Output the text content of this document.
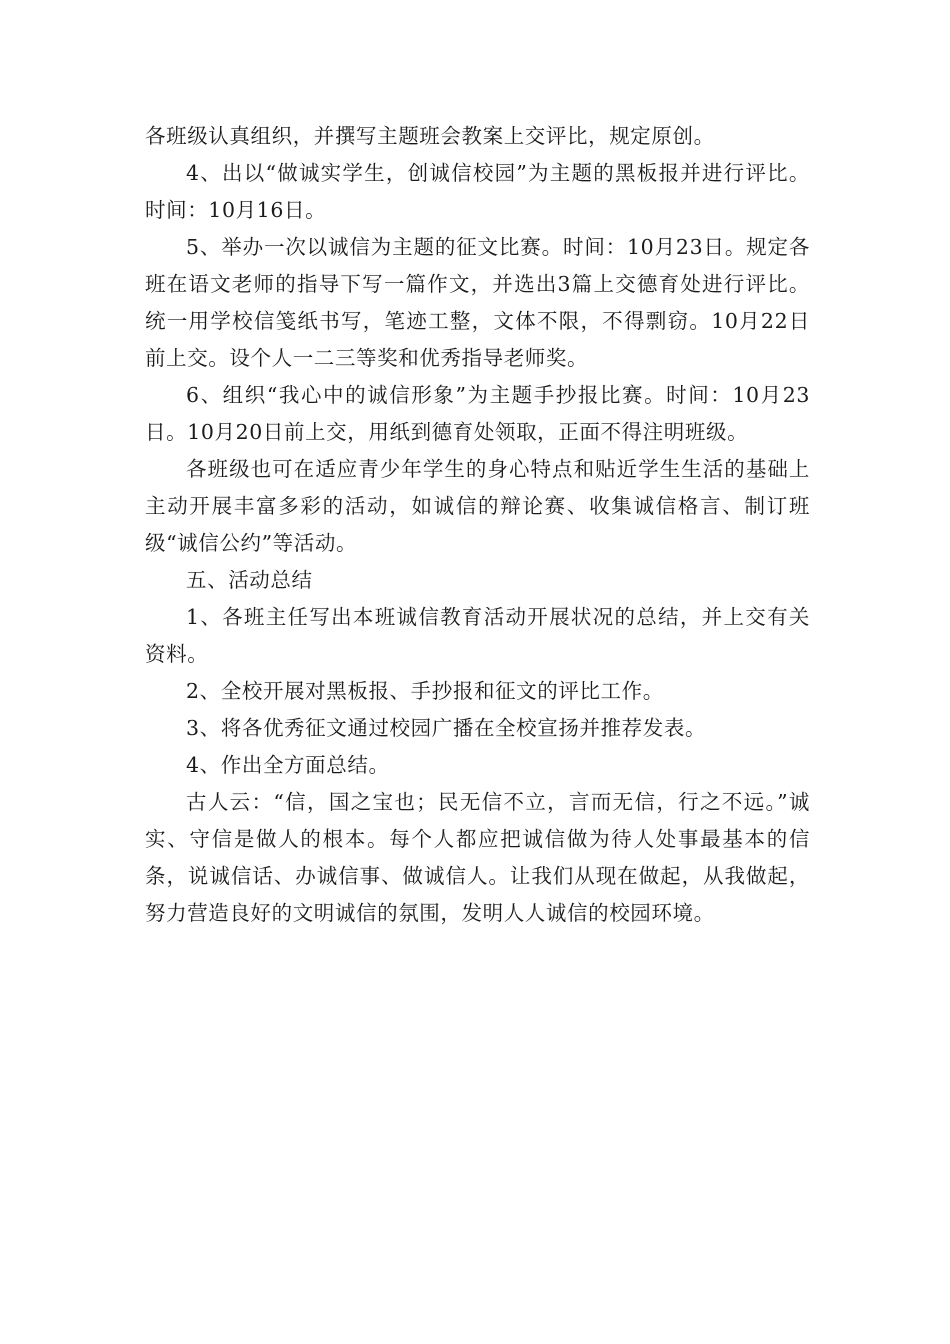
各班级认真组织，并撰写主题班会教案上交评比，规定原创。

4、出以“做诚实学生，创诚信校园”为主题的黑板报并进行评比。时间：10月16日。

5、举办一次以诚信为主题的征文比赛。时间：10月23日。规定各班在语文老师的指导下写一篇作文，并选出3篇上交德育处进行评比。统一用学校信笺纸书写，笔迹工整，文体不限，不得剽窃。10月22日前上交。设个人一二三等奖和优秀指导老师奖。

6、组织“我心中的诚信形象”为主题手抄报比赛。时间：10月23日。10月20日前上交，用纸到德育处领取，正面不得注明班级。

各班级也可在适应青少年学生的身心特点和贴近学生生活的基础上主动开展丰富多彩的活动，如诚信的辩论赛、收集诚信格言、制订班级“诚信公约”等活动。

五、活动总结

1、各班主任写出本班诚信教育活动开展状况的总结，并上交有关资料。

2、全校开展对黑板报、手抄报和征文的评比工作。

3、将各优秀征文通过校园广播在全校宣扬并推荐发表。

4、作出全方面总结。

古人云：“信，国之宝也；民无信不立，言而无信，行之不远。”诚实、守信是做人的根本。每个人都应把诚信做为待人处事最基本的信条，说诚信话、办诚信事、做诚信人。让我们从现在做起，从我做起，努力营造良好的文明诚信的氛围，发明人人诚信的校园环境。
